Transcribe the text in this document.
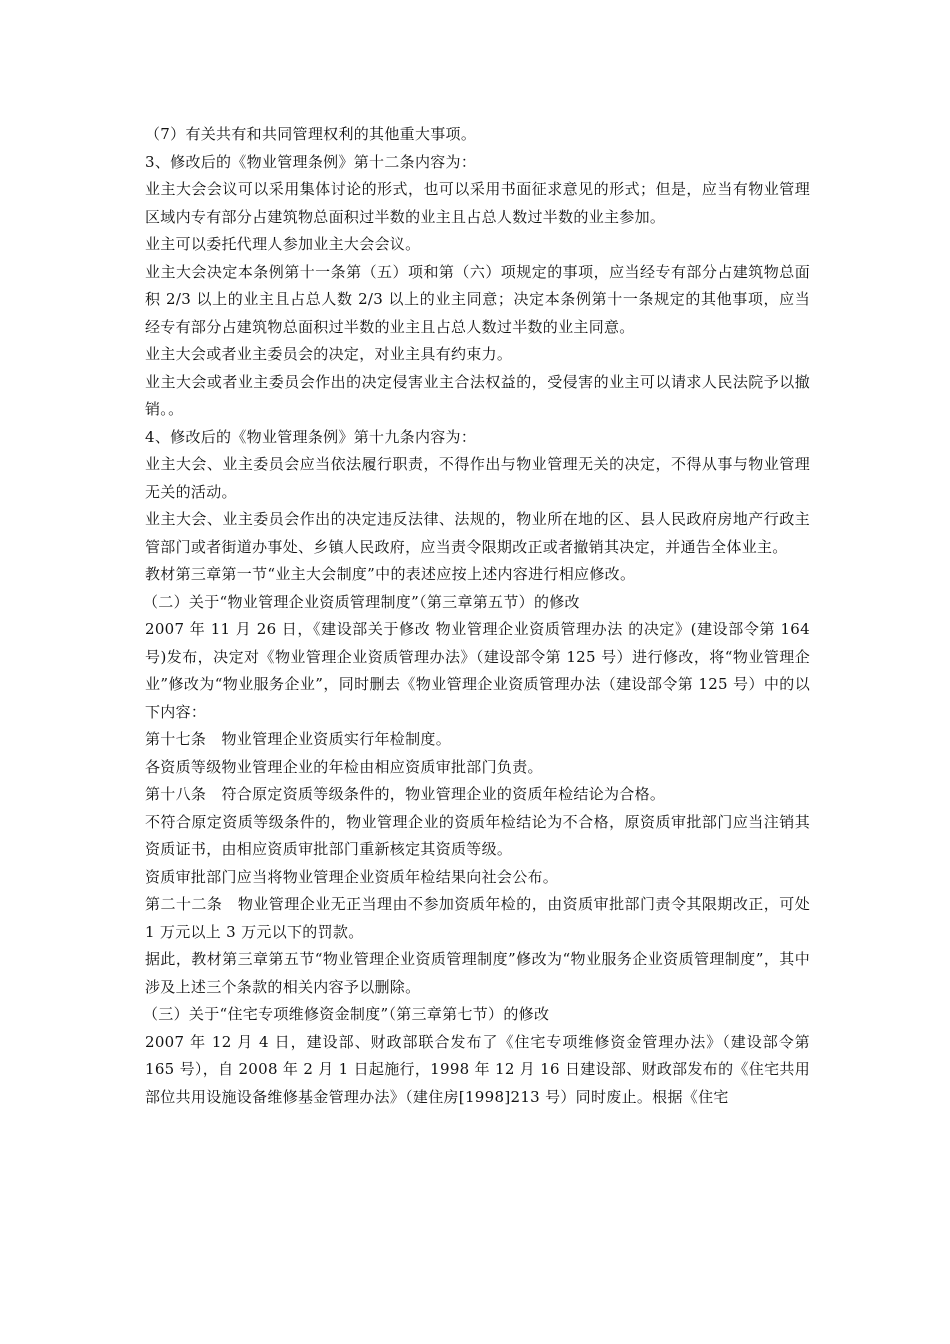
（7）有关共有和共同管理权利的其他重大事项。

3、修改后的《物业管理条例》第十二条内容为：

业主大会会议可以采用集体讨论的形式，也可以采用书面征求意见的形式；但是，应当有物业管理区域内专有部分占建筑物总面积过半数的业主且占总人数过半数的业主参加。

业主可以委托代理人参加业主大会会议。

业主大会决定本条例第十一条第（五）项和第（六）项规定的事项，应当经专有部分占建筑物总面积 2/3 以上的业主且占总人数 2/3 以上的业主同意；决定本条例第十一条规定的其他事项，应当经专有部分占建筑物总面积过半数的业主且占总人数过半数的业主同意。

业主大会或者业主委员会的决定，对业主具有约束力。

业主大会或者业主委员会作出的决定侵害业主合法权益的，受侵害的业主可以请求人民法院予以撤销。。

4、修改后的《物业管理条例》第十九条内容为：

业主大会、业主委员会应当依法履行职责，不得作出与物业管理无关的决定，不得从事与物业管理无关的活动。

业主大会、业主委员会作出的决定违反法律、法规的，物业所在地的区、县人民政府房地产行政主管部门或者街道办事处、乡镇人民政府，应当责令限期改正或者撤销其决定，并通告全体业主。

教材第三章第一节“业主大会制度”中的表述应按上述内容进行相应修改。

（二）关于“物业管理企业资质管理制度”（第三章第五节）的修改

2007 年 11 月 26 日，《建设部关于修改 物业管理企业资质管理办法 的决定》(建设部令第 164 号)发布，决定对《物业管理企业资质管理办法》（建设部令第 125 号）进行修改，将“物业管理企业”修改为“物业服务企业”，同时删去《物业管理企业资质管理办法（建设部令第 125 号）中的以下内容：

第十七条　物业管理企业资质实行年检制度。

各资质等级物业管理企业的年检由相应资质审批部门负责。

第十八条　符合原定资质等级条件的，物业管理企业的资质年检结论为合格。

不符合原定资质等级条件的，物业管理企业的资质年检结论为不合格，原资质审批部门应当注销其资质证书，由相应资质审批部门重新核定其资质等级。

资质审批部门应当将物业管理企业资质年检结果向社会公布。

第二十二条　物业管理企业无正当理由不参加资质年检的，由资质审批部门责令其限期改正，可处 1 万元以上 3 万元以下的罚款。

据此，教材第三章第五节“物业管理企业资质管理制度”修改为“物业服务企业资质管理制度”，其中涉及上述三个条款的相关内容予以删除。

（三）关于“住宅专项维修资金制度”（第三章第七节）的修改

2007 年 12 月 4 日，建设部、财政部联合发布了《住宅专项维修资金管理办法》（建设部令第 165 号），自 2008 年 2 月 1 日起施行，1998 年 12 月 16 日建设部、财政部发布的《住宅共用部位共用设施设备维修基金管理办法》（建住房[1998]213 号）同时废止。根据《住宅
